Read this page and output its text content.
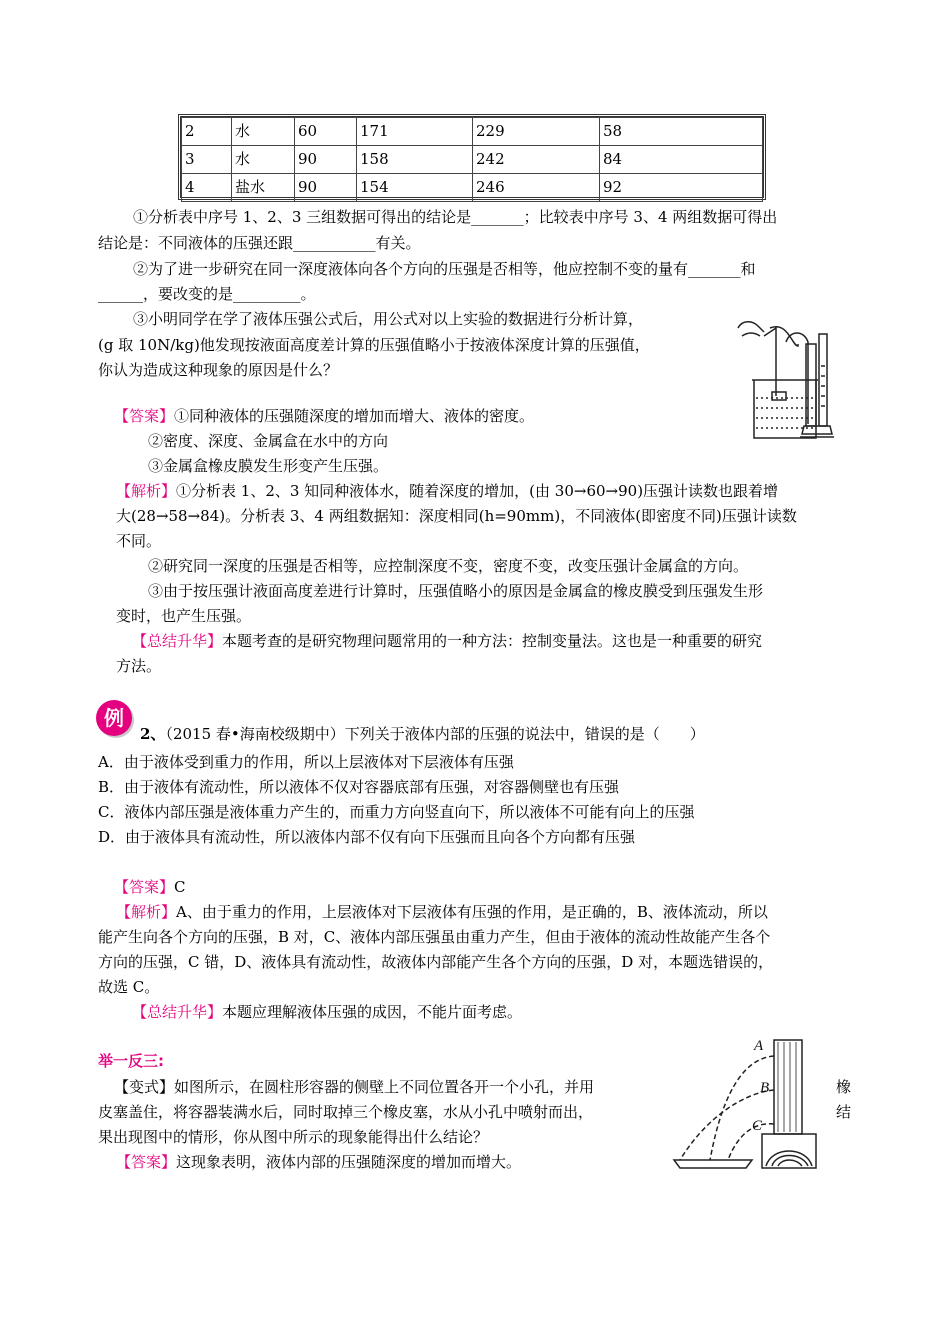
2	水	60	171	229	58
3	水	90	158	242	84
4	盐水	90	154	246	92
①分析表中序号 1、2、3 三组数据可得出的结论是_______；比较表中序号 3、4 两组数据可得出
结论是：不同液体的压强还跟___________有关。
②为了进一步研究在同一深度液体向各个方向的压强是否相等，他应控制不变的量有_______和
______，要改变的是_________。
③小明同学在学了液体压强公式后，用公式对以上实验的数据进行分析计算，
(g 取 10N/kg)他发现按液面高度差计算的压强值略小于按液体深度计算的压强值，
你认为造成这种现象的原因是什么？
【答案】①同种液体的压强随深度的增加而增大、液体的密度。
②密度、深度、金属盒在水中的方向
③金属盒橡皮膜发生形变产生压强。
【解析】①分析表 1、2、3 知同种液体水，随着深度的增加，(由 30→60→90)压强计读数也跟着增
大(28→58→84)。分析表 3、4 两组数据知：深度相同(h=90mm)，不同液体(即密度不同)压强计读数
不同。
②研究同一深度的压强是否相等，应控制深度不变，密度不变，改变压强计金属盒的方向。
③由于按压强计液面高度差进行计算时，压强值略小的原因是金属盒的橡皮膜受到压强发生形
变时，也产生压强。
【总结升华】本题考查的是研究物理问题常用的一种方法：控制变量法。这也是一种重要的研究
方法。
例
2、（2015 春•海南校级期中）下列关于液体内部的压强的说法中，错误的是（　　）
A．由于液体受到重力的作用，所以上层液体对下层液体有压强
B．由于液体有流动性，所以液体不仅对容器底部有压强，对容器侧壁也有压强
C．液体内部压强是液体重力产生的，而重力方向竖直向下，所以液体不可能有向上的压强
D．由于液体具有流动性，所以液体内部不仅有向下压强而且向各个方向都有压强
【答案】C
【解析】A、由于重力的作用，上层液体对下层液体有压强的作用，是正确的，B、液体流动，所以
能产生向各个方向的压强，B 对，C、液体内部压强虽由重力产生，但由于液体的流动性故能产生各个
方向的压强，C 错，D、液体具有流动性，故液体内部能产生各个方向的压强，D 对，本题选错误的，
故选 C。
【总结升华】本题应理解液体压强的成因，不能片面考虑。
举一反三:
【变式】如图所示，在圆柱形容器的侧壁上不同位置各开一个小孔，并用	橡
皮塞盖住，将容器装满水后，同时取掉三个橡皮塞，水从小孔中喷射而出，	结
果出现图中的情形，你从图中所示的现象能得出什么结论？
【答案】这现象表明，液体内部的压强随深度的增加而增大。
A
B
C
